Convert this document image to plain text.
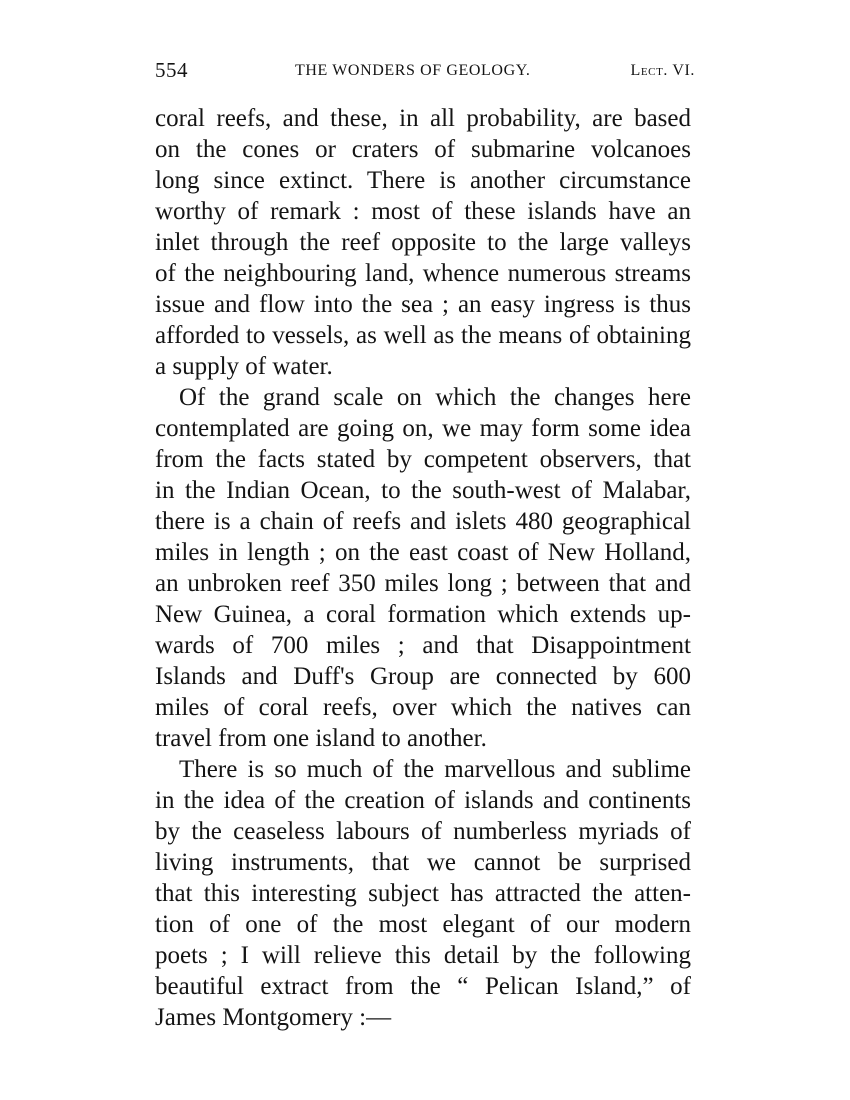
554	THE WONDERS OF GEOLOGY.	Lect. VI.
coral reefs, and these, in all probability, are based
on the cones or craters of submarine volcanoes
long since extinct. There is another circumstance
worthy of remark : most of these islands have an
inlet through the reef opposite to the large valleys
of the neighbouring land, whence numerous streams
issue and flow into the sea ; an easy ingress is thus
afforded to vessels, as well as the means of obtaining
a supply of water.
Of the grand scale on which the changes here
contemplated are going on, we may form some idea
from the facts stated by competent observers, that
in the Indian Ocean, to the south-west of Malabar,
there is a chain of reefs and islets 480 geographical
miles in length ; on the east coast of New Holland,
an unbroken reef 350 miles long ; between that and
New Guinea, a coral formation which extends up-
wards of 700 miles ; and that Disappointment
Islands and Duff's Group are connected by 600
miles of coral reefs, over which the natives can
travel from one island to another.
There is so much of the marvellous and sublime
in the idea of the creation of islands and continents
by the ceaseless labours of numberless myriads of
living instruments, that we cannot be surprised
that this interesting subject has attracted the atten-
tion of one of the most elegant of our modern
poets ; I will relieve this detail by the following
beautiful extract from the “ Pelican Island,” of
James Montgomery :—
